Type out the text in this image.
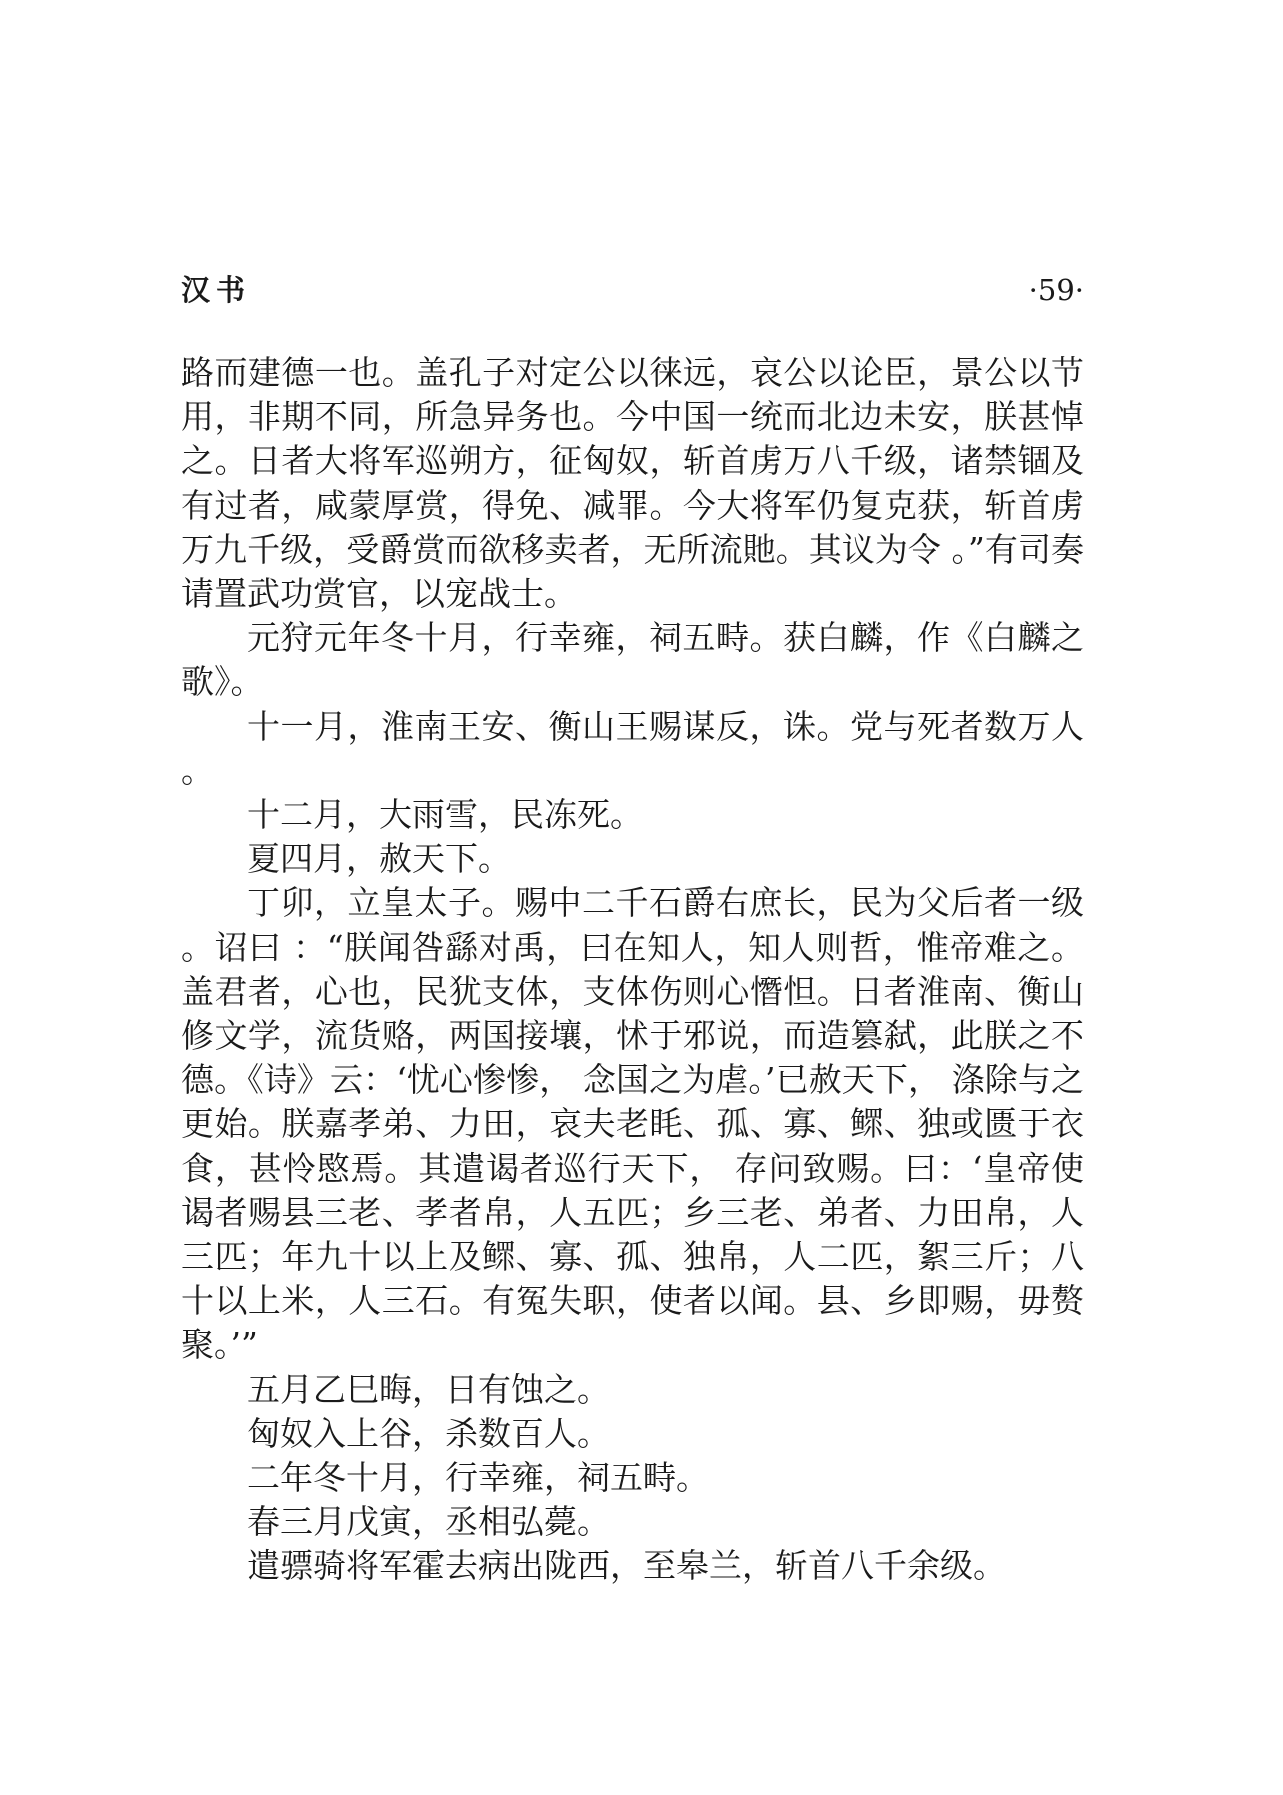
汉书	·59·

路而建德一也。盖孔子对定公以徕远，哀公以论臣，景公以节用，非期不同，所急异务也。今中国一统而北边未安，朕甚悼之。日者大将军巡朔方，征匈奴，斩首虏万八千级，诸禁锢及有过者，咸蒙厚赏，得免、减罪。今大将军仍复克获，斩首虏万九千级，受爵赏而欲移卖者，无所流貤。其议为令 。”有司奏请置武功赏官，以宠战士。

元狩元年冬十月，行幸雍，祠五畤。获白麟，作《白麟之歌》。

十一月，淮南王安、衡山王赐谋反，诛。党与死者数万人。

十二月，大雨雪，民冻死。

夏四月，赦天下。

丁卯，立皇太子。赐中二千石爵右庶长，民为父后者一级。诏曰 ：“朕闻咎繇对禹，曰在知人，知人则哲，惟帝难之。盖君者，心也，民犹支体，支体伤则心憯怛。日者淮南、衡山修文学，流货赂，两国接壤，怵于邪说，而造篡弑，此朕之不德。《诗》云：‘忧心惨惨， 念国之为虐。’已赦天下， 涤除与之更始。朕嘉孝弟、力田，哀夫老眊、孤、寡、鳏、独或匮于衣食，甚怜愍焉。其遣谒者巡行天下， 存问致赐。曰：‘皇帝使谒者赐县三老、孝者帛，人五匹；乡三老、弟者、力田帛，人三匹；年九十以上及鳏、寡、孤、独帛，人二匹，絮三斤；八十以上米，人三石。有冤失职，使者以闻。县、乡即赐，毋赘聚。’”

五月乙巳晦，日有蚀之。

匈奴入上谷，杀数百人。

二年冬十月，行幸雍，祠五畤。

春三月戊寅，丞相弘薨。

遣骠骑将军霍去病出陇西，至皋兰，斩首八千余级。
